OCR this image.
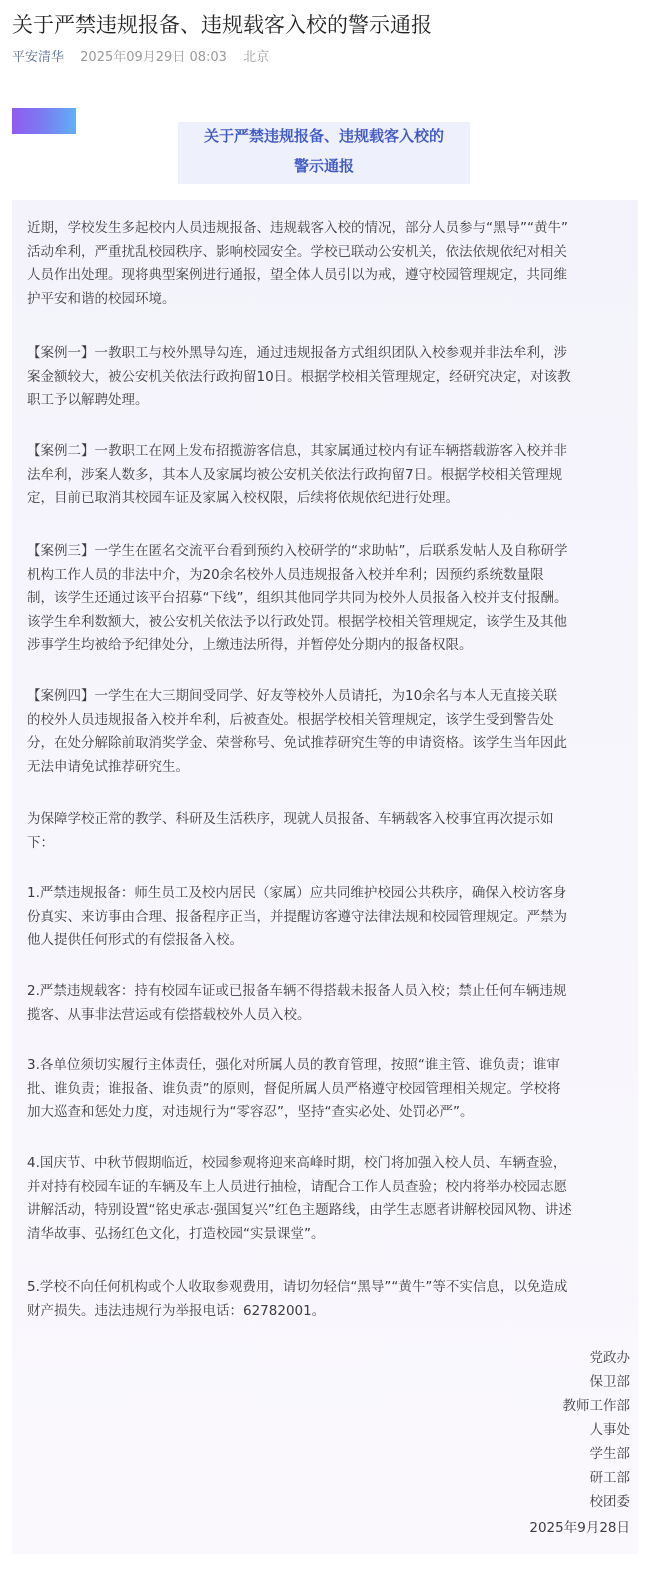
关于严禁违规报备、违规载客入校的警示通报
平安清华 2025年09月29日 08:03 北京
关于严禁违规报备、违规载客入校的
警示通报
近期，学校发生多起校内人员违规报备、违规载客入校的情况，部分人员参与“黑导”“黄牛”
活动牟利，严重扰乱校园秩序、影响校园安全。学校已联动公安机关，依法依规依纪对相关
人员作出处理。现将典型案例进行通报，望全体人员引以为戒，遵守校园管理规定，共同维
护平安和谐的校园环境。
【案例一】一教职工与校外黑导勾连，通过违规报备方式组织团队入校参观并非法牟利，涉
案金额较大，被公安机关依法行政拘留10日。根据学校相关管理规定，经研究决定，对该教
职工予以解聘处理。
【案例二】一教职工在网上发布招揽游客信息，其家属通过校内有证车辆搭载游客入校并非
法牟利，涉案人数多，其本人及家属均被公安机关依法行政拘留7日。根据学校相关管理规
定，目前已取消其校园车证及家属入校权限，后续将依规依纪进行处理。
【案例三】一学生在匿名交流平台看到预约入校研学的“求助帖”，后联系发帖人及自称研学
机构工作人员的非法中介，为20余名校外人员违规报备入校并牟利；因预约系统数量限
制，该学生还通过该平台招募“下线”，组织其他同学共同为校外人员报备入校并支付报酬。
该学生牟利数额大，被公安机关依法予以行政处罚。根据学校相关管理规定，该学生及其他
涉事学生均被给予纪律处分，上缴违法所得，并暂停处分期内的报备权限。
【案例四】一学生在大三期间受同学、好友等校外人员请托，为10余名与本人无直接关联
的校外人员违规报备入校并牟利，后被查处。根据学校相关管理规定，该学生受到警告处
分，在处分解除前取消奖学金、荣誉称号、免试推荐研究生等的申请资格。该学生当年因此
无法申请免试推荐研究生。
为保障学校正常的教学、科研及生活秩序，现就人员报备、车辆载客入校事宜再次提示如
下：
1.严禁违规报备：师生员工及校内居民（家属）应共同维护校园公共秩序，确保入校访客身
份真实、来访事由合理、报备程序正当，并提醒访客遵守法律法规和校园管理规定。严禁为
他人提供任何形式的有偿报备入校。
2.严禁违规载客：持有校园车证或已报备车辆不得搭载未报备人员入校；禁止任何车辆违规
揽客、从事非法营运或有偿搭载校外人员入校。
3.各单位须切实履行主体责任，强化对所属人员的教育管理，按照“谁主管、谁负责；谁审
批、谁负责；谁报备、谁负责”的原则，督促所属人员严格遵守校园管理相关规定。学校将
加大巡查和惩处力度，对违规行为“零容忍”，坚持“查实必处、处罚必严”。
4.国庆节、中秋节假期临近，校园参观将迎来高峰时期，校门将加强入校人员、车辆查验，
并对持有校园车证的车辆及车上人员进行抽检，请配合工作人员查验；校内将举办校园志愿
讲解活动，特别设置“铭史承志·强国复兴”红色主题路线，由学生志愿者讲解校园风物、讲述
清华故事、弘扬红色文化，打造校园“实景课堂”。
5.学校不向任何机构或个人收取参观费用，请切勿轻信“黑导”“黄牛”等不实信息，以免造成
财产损失。违法违规行为举报电话：62782001。
党政办
保卫部
教师工作部
人事处
学生部
研工部
校团委
2025年9月28日
